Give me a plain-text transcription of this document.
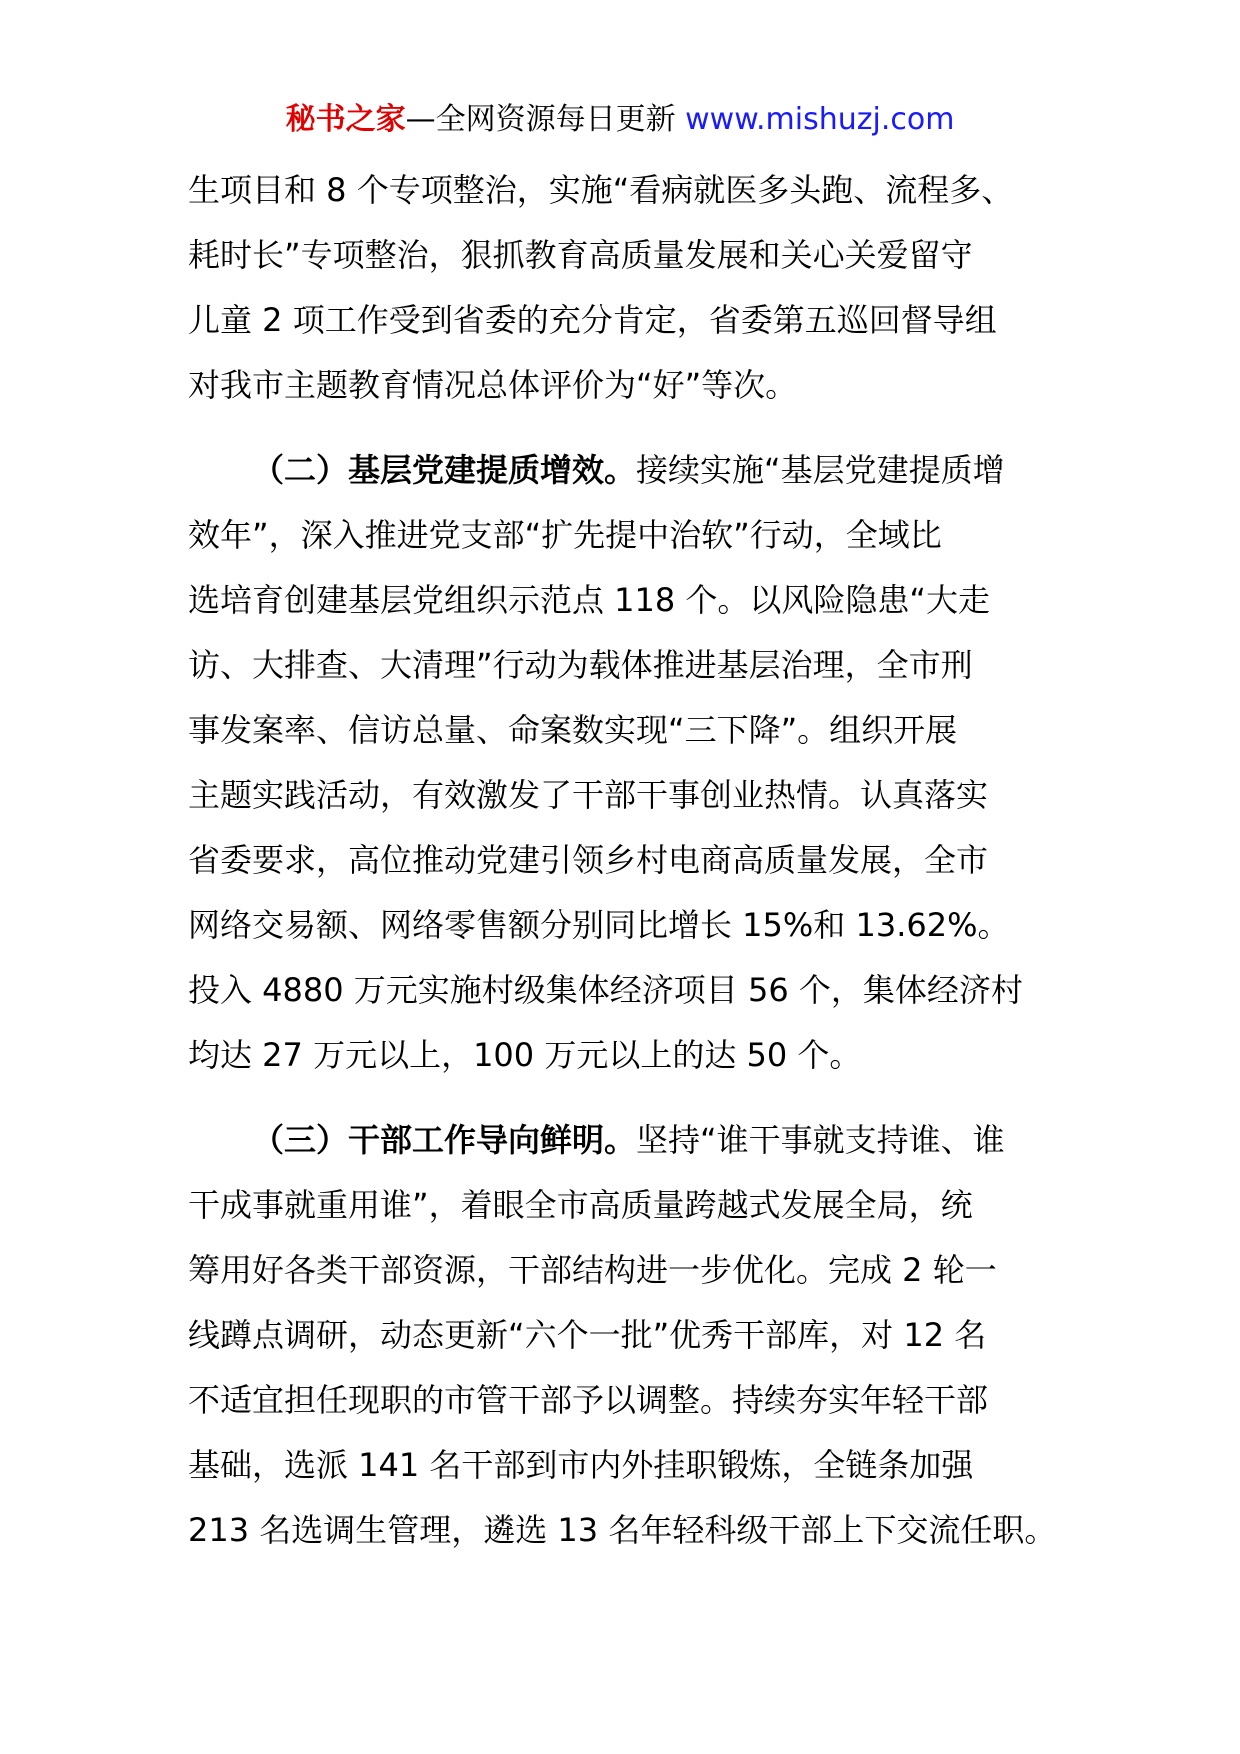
秘书之家—全网资源每日更新 www.mishuzj.com
生项目和 8 个专项整治，实施“看病就医多头跑、流程多、
耗时长”专项整治，狠抓教育高质量发展和关心关爱留守
儿童 2 项工作受到省委的充分肯定，省委第五巡回督导组
对我市主题教育情况总体评价为“好”等次。
（二）基层党建提质增效。接续实施“基层党建提质增
效年”，深入推进党支部“扩先提中治软”行动，全域比
选培育创建基层党组织示范点 118 个。以风险隐患“大走
访、大排查、大清理”行动为载体推进基层治理，全市刑
事发案率、信访总量、命案数实现“三下降”。组织开展
主题实践活动，有效激发了干部干事创业热情。认真落实
省委要求，高位推动党建引领乡村电商高质量发展，全市
网络交易额、网络零售额分别同比增长 15%和 13.62%。
投入 4880 万元实施村级集体经济项目 56 个，集体经济村
均达 27 万元以上，100 万元以上的达 50 个。
（三）干部工作导向鲜明。坚持“谁干事就支持谁、谁
干成事就重用谁”，着眼全市高质量跨越式发展全局，统
筹用好各类干部资源，干部结构进一步优化。完成 2 轮一
线蹲点调研，动态更新“六个一批”优秀干部库，对 12 名
不适宜担任现职的市管干部予以调整。持续夯实年轻干部
基础，选派 141 名干部到市内外挂职锻炼，全链条加强
213 名选调生管理，遴选 13 名年轻科级干部上下交流任职。
